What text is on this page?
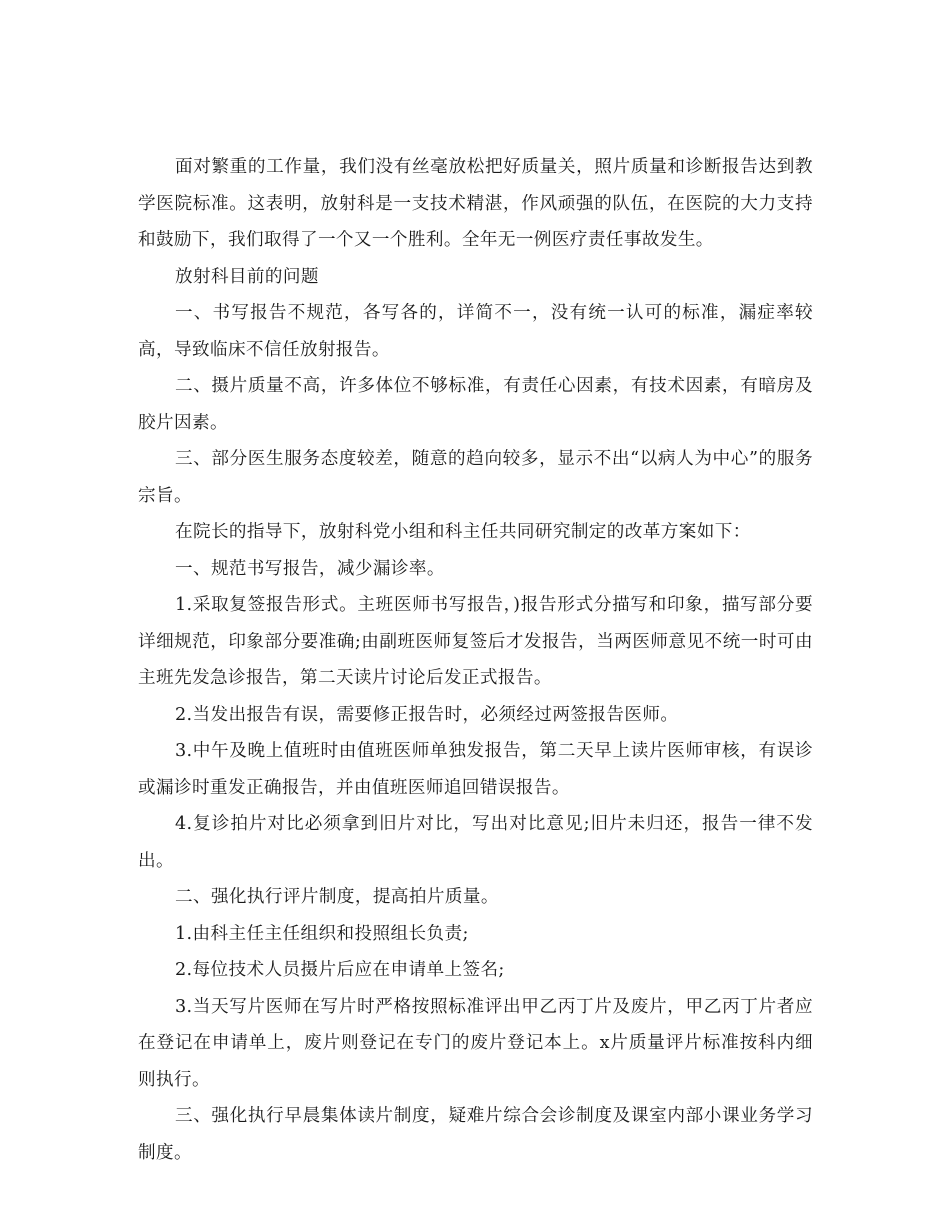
面对繁重的工作量，我们没有丝毫放松把好质量关，照片质量和诊断报告达到教学医院标准。这表明，放射科是一支技术精湛，作风顽强的队伍，在医院的大力支持和鼓励下，我们取得了一个又一个胜利。全年无一例医疗责任事故发生。

放射科目前的问题

一、书写报告不规范，各写各的，详简不一，没有统一认可的标准，漏症率较高，导致临床不信任放射报告。

二、摄片质量不高，许多体位不够标准，有责任心因素，有技术因素，有暗房及胶片因素。

三、部分医生服务态度较差，随意的趋向较多，显示不出“以病人为中心”的服务宗旨。

在院长的指导下，放射科党小组和科主任共同研究制定的改革方案如下：

一、规范书写报告，减少漏诊率。

1.采取复签报告形式。主班医师书写报告，)报告形式分描写和印象，描写部分要详细规范，印象部分要准确;由副班医师复签后才发报告，当两医师意见不统一时可由主班先发急诊报告，第二天读片讨论后发正式报告。

2.当发出报告有误，需要修正报告时，必须经过两签报告医师。

3.中午及晚上值班时由值班医师单独发报告，第二天早上读片医师审核，有误诊或漏诊时重发正确报告，并由值班医师追回错误报告。

4.复诊拍片对比必须拿到旧片对比，写出对比意见;旧片未归还，报告一律不发出。

二、强化执行评片制度，提高拍片质量。

1.由科主任主任组织和投照组长负责;

2.每位技术人员摄片后应在申请单上签名;

3.当天写片医师在写片时严格按照标准评出甲乙丙丁片及废片，甲乙丙丁片者应在登记在申请单上，废片则登记在专门的废片登记本上。x片质量评片标准按科内细则执行。

三、强化执行早晨集体读片制度，疑难片综合会诊制度及课室内部小课业务学习制度。
